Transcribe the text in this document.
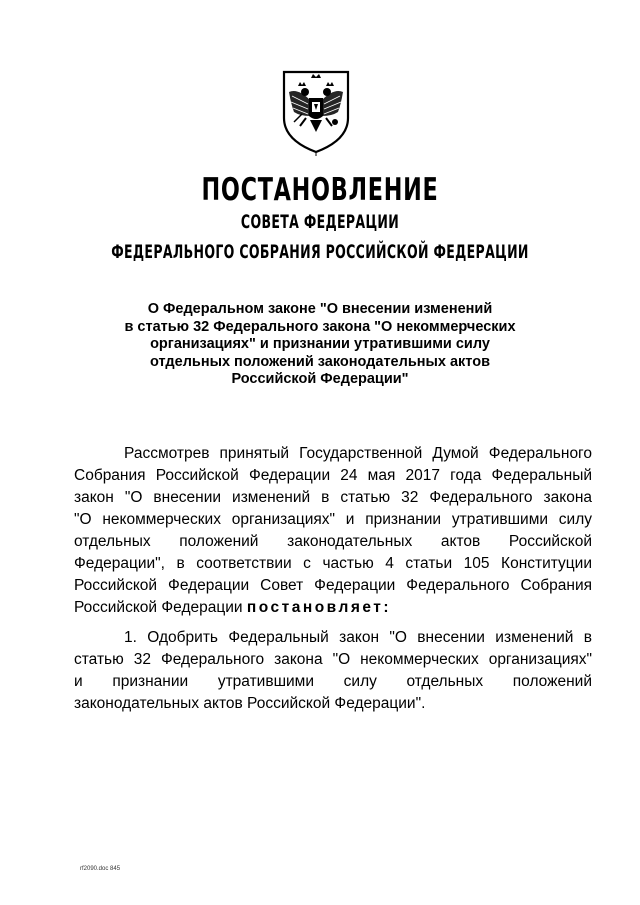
ПОСТАНОВЛЕНИЕ
СОВЕТА ФЕДЕРАЦИИ
ФЕДЕРАЛЬНОГО СОБРАНИЯ РОССИЙСКОЙ ФЕДЕРАЦИИ
О Федеральном законе "О внесении изменений
в статью 32 Федерального закона "О некоммерческих
организациях" и признании утратившими силу
отдельных положений законодательных актов
Российской Федерации"
Рассмотрев принятый Государственной Думой Федерального
Собрания Российской Федерации 24 мая 2017 года Федеральный
закон "О внесении изменений в статью 32 Федерального закона
"О некоммерческих организациях" и признании утратившими силу
отдельных положений законодательных актов Российской
Федерации", в соответствии с частью 4 статьи 105 Конституции
Российской Федерации Совет Федерации Федерального Собрания
Российской Федерации постановляет:
1. Одобрить Федеральный закон "О внесении изменений в
статью 32 Федерального закона "О некоммерческих организациях"
и признании утратившими силу отдельных положений
законодательных актов Российской Федерации".
rf2090.doc 845
